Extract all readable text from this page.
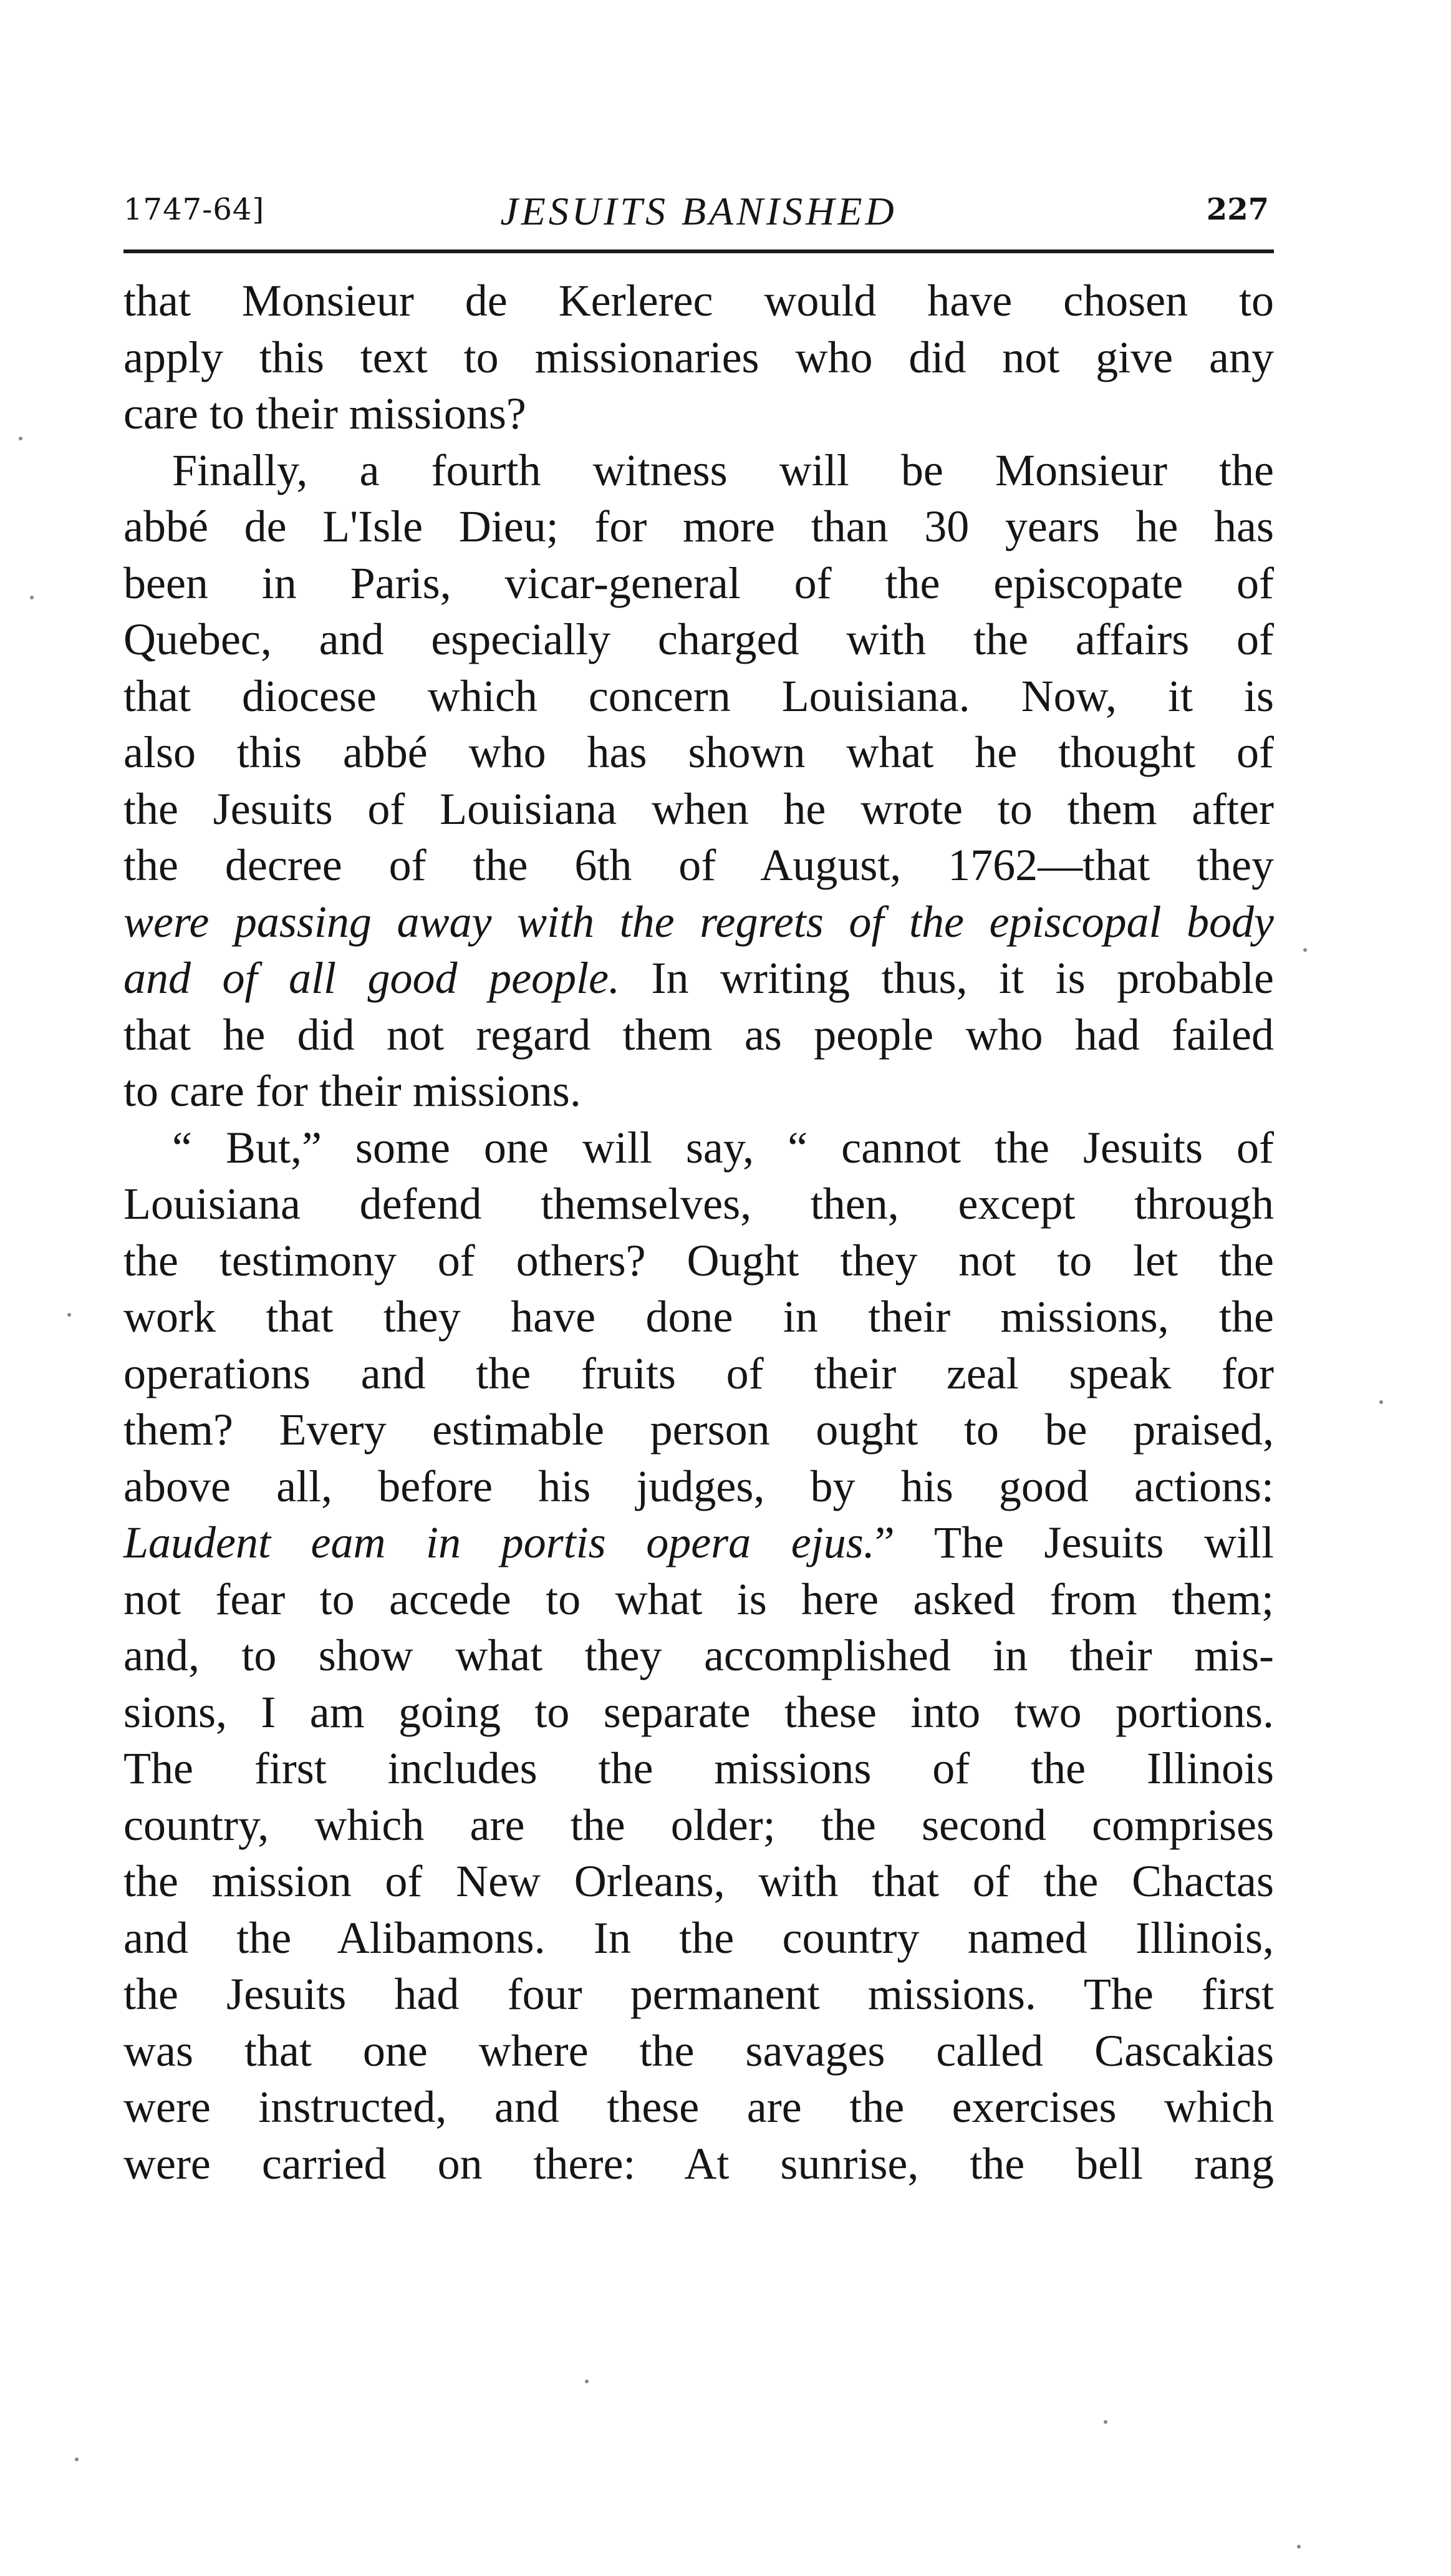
1747-64]	JESUITS BANISHED	227

that Monsieur de Kerlerec would have chosen to

apply this text to missionaries who did not give any

care to their missions?

Finally, a fourth witness will be Monsieur the

abbé de L'Isle Dieu; for more than 30 years he has

been in Paris, vicar-general of the episcopate of

Quebec, and especially charged with the affairs of

that diocese which concern Louisiana. Now, it is

also this abbé who has shown what he thought of

the Jesuits of Louisiana when he wrote to them after

the decree of the 6th of August, 1762—that they

were passing away with the regrets of the episcopal body

and of all good people. In writing thus, it is probable

that he did not regard them as people who had failed

to care for their missions.

“ But,” some one will say, “ cannot the Jesuits of

Louisiana defend themselves, then, except through

the testimony of others? Ought they not to let the

work that they have done in their missions, the

operations and the fruits of their zeal speak for

them? Every estimable person ought to be praised,

above all, before his judges, by his good actions:

Laudent eam in portis opera ejus.” The Jesuits will

not fear to accede to what is here asked from them;

and, to show what they accomplished in their mis-

sions, I am going to separate these into two portions.

The first includes the missions of the Illinois

country, which are the older; the second comprises

the mission of New Orleans, with that of the Chactas

and the Alibamons. In the country named Illinois,

the Jesuits had four permanent missions. The first

was that one where the savages called Cascakias

were instructed, and these are the exercises which

were carried on there: At sunrise, the bell rang
